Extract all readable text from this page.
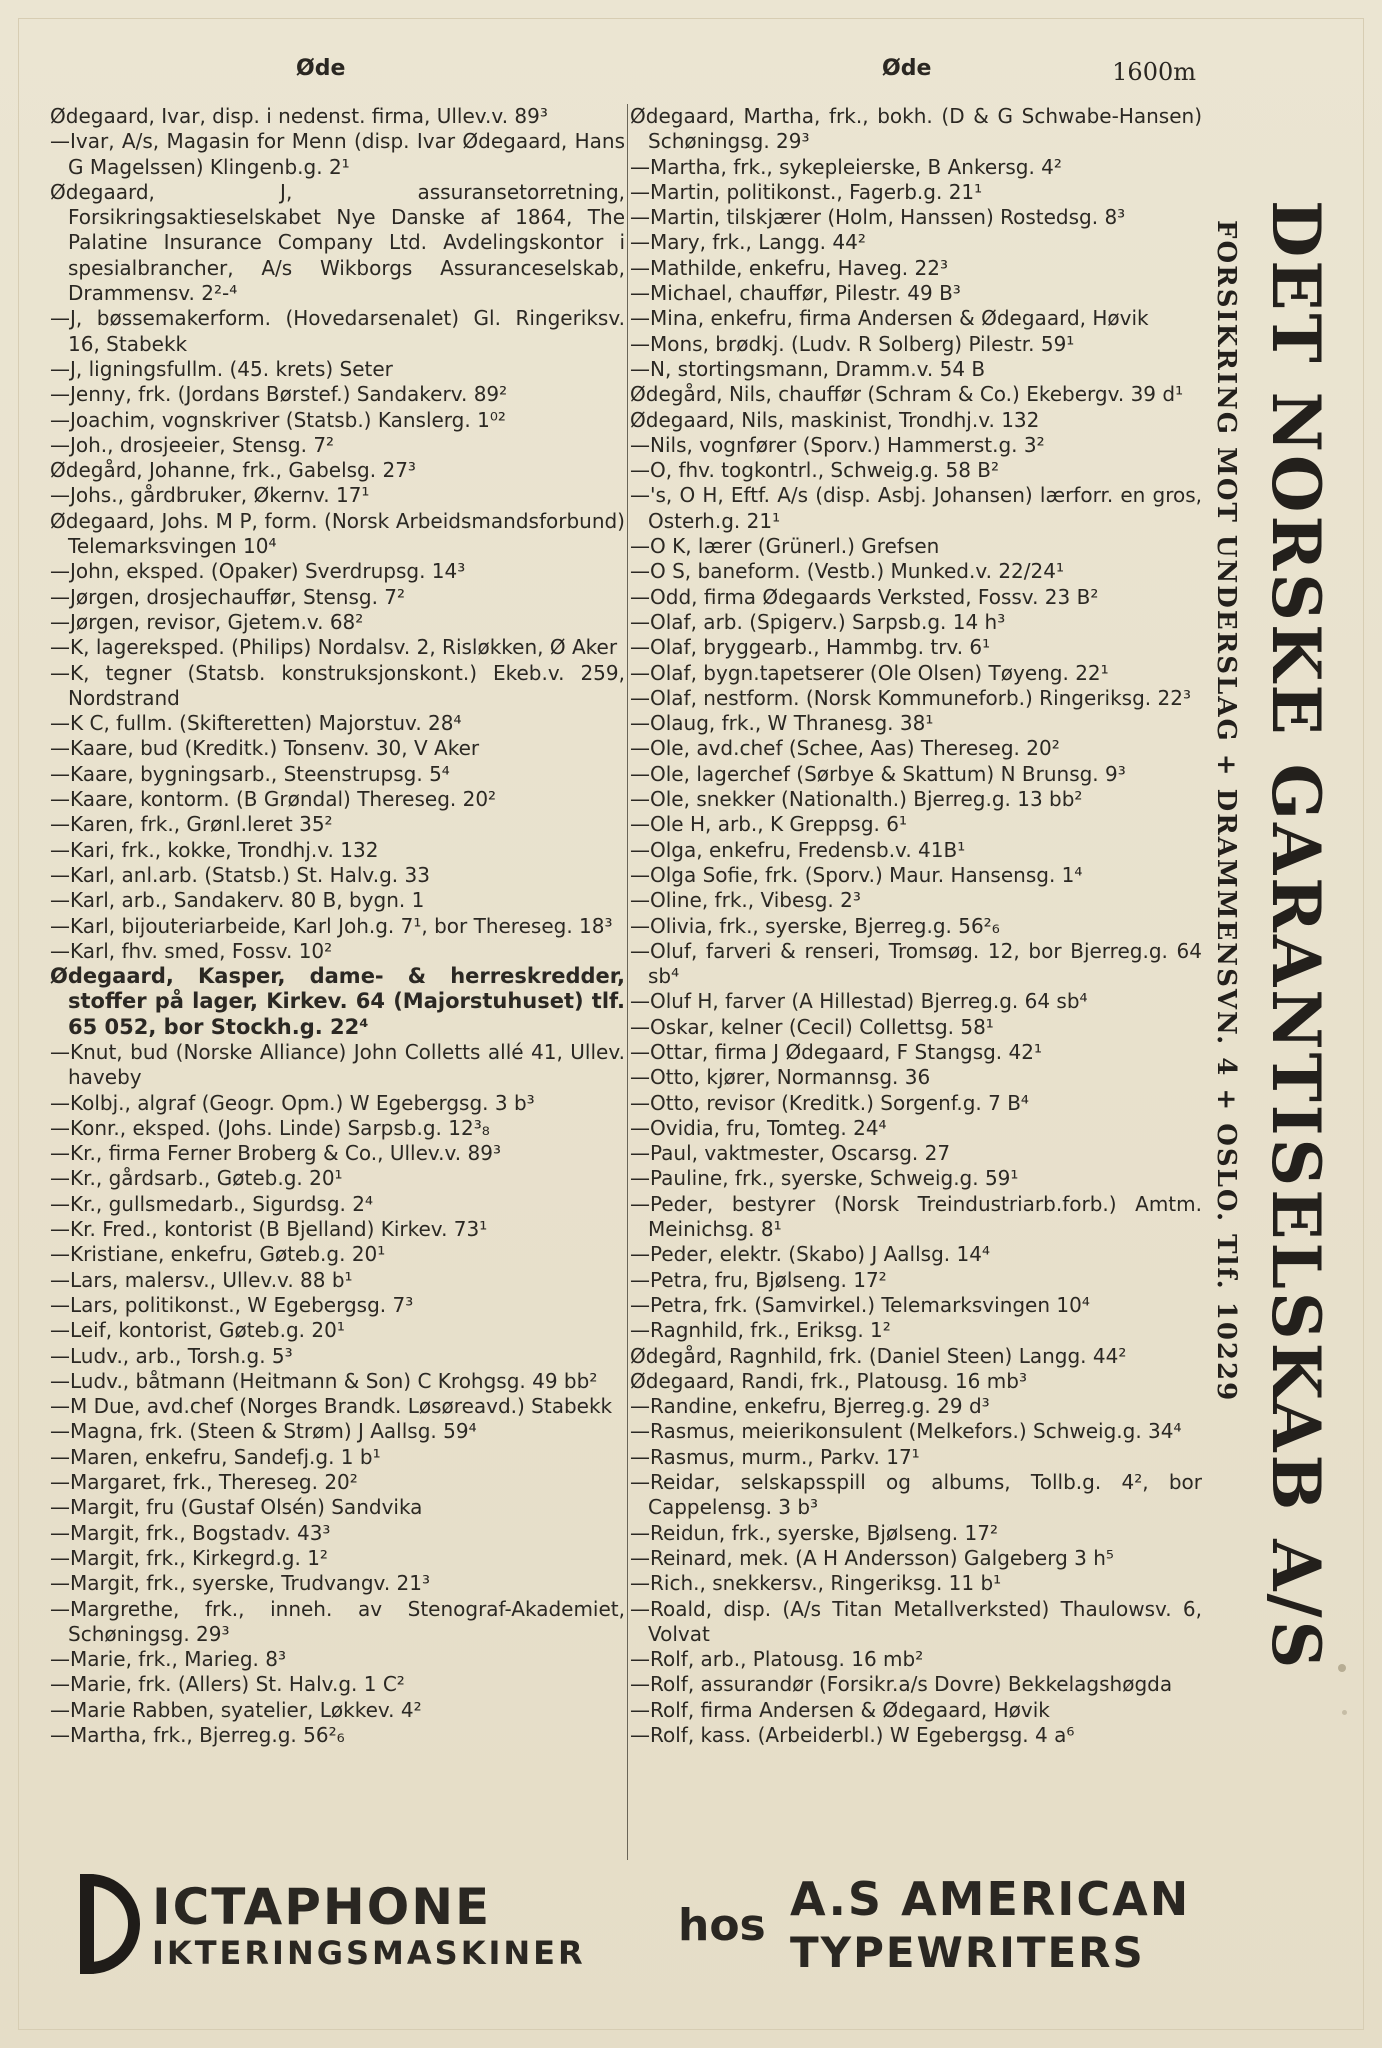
Øde	Øde	1600m
Ødegaard, Ivar, disp. i nedenst. firma, Ullev.v. 89³
—Ivar, A/s, Magasin for Menn (disp. Ivar Ødegaard, Hans G Magelssen) Klingenb.g. 2¹
Ødegaard, J, assuransetorretning, Forsikringsaktieselskabet Nye Danske af 1864, The Palatine Insurance Company Ltd. Avdelingskontor i spesialbrancher, A/s Wikborgs Assuranceselskab, Drammensv. 2²-⁴
—J, bøssemakerform. (Hovedarsenalet) Gl. Ringeriksv. 16, Stabekk
—J, ligningsfullm. (45. krets) Seter
—Jenny, frk. (Jordans Børstef.) Sandakerv. 89²
—Joachim, vognskriver (Statsb.) Kanslerg. 1⁰²
—Joh., drosjeeier, Stensg. 7²
Ødegård, Johanne, frk., Gabelsg. 27³
—Johs., gårdbruker, Økernv. 17¹
Ødegaard, Johs. M P, form. (Norsk Arbeidsmandsforbund) Telemarksvingen 10⁴
—John, eksped. (Opaker) Sverdrupsg. 14³
—Jørgen, drosjechauffør, Stensg. 7²
—Jørgen, revisor, Gjetem.v. 68²
—K, lagereksped. (Philips) Nordalsv. 2, Risløkken, Ø Aker
—K, tegner (Statsb. konstruksjonskont.) Ekeb.v. 259, Nordstrand
—K C, fullm. (Skifteretten) Majorstuv. 28⁴
—Kaare, bud (Kreditk.) Tonsenv. 30, V Aker
—Kaare, bygningsarb., Steenstrupsg. 5⁴
—Kaare, kontorm. (B Grøndal) Thereseg. 20²
—Karen, frk., Grønl.leret 35²
—Kari, frk., kokke, Trondhj.v. 132
—Karl, anl.arb. (Statsb.) St. Halv.g. 33
—Karl, arb., Sandakerv. 80 B, bygn. 1
—Karl, bijouteriarbeide, Karl Joh.g. 7¹, bor Thereseg. 18³
—Karl, fhv. smed, Fossv. 10²
Ødegaard, Kasper, dame- & herreskredder, stoffer på lager, Kirkev. 64 (Majorstuhuset) tlf. 65 052, bor Stockh.g. 22⁴
—Knut, bud (Norske Alliance) John Colletts allé 41, Ullev. haveby
—Kolbj., algraf (Geogr. Opm.) W Egebergsg. 3 b³
—Konr., eksped. (Johs. Linde) Sarpsb.g. 12³₈
—Kr., firma Ferner Broberg & Co., Ullev.v. 89³
—Kr., gårdsarb., Gøteb.g. 20¹
—Kr., gullsmedarb., Sigurdsg. 2⁴
—Kr. Fred., kontorist (B Bjelland) Kirkev. 73¹
—Kristiane, enkefru, Gøteb.g. 20¹
—Lars, malersv., Ullev.v. 88 b¹
—Lars, politikonst., W Egebergsg. 7³
—Leif, kontorist, Gøteb.g. 20¹
—Ludv., arb., Torsh.g. 5³
—Ludv., båtmann (Heitmann & Son) C Krohgsg. 49 bb²
—M Due, avd.chef (Norges Brandk. Løsøreavd.) Stabekk
—Magna, frk. (Steen & Strøm) J Aallsg. 59⁴
—Maren, enkefru, Sandefj.g. 1 b¹
—Margaret, frk., Thereseg. 20²
—Margit, fru (Gustaf Olsén) Sandvika
—Margit, frk., Bogstadv. 43³
—Margit, frk., Kirkegrd.g. 1²
—Margit, frk., syerske, Trudvangv. 21³
—Margrethe, frk., inneh. av Stenograf-Akademiet, Schøningsg. 29³
—Marie, frk., Marieg. 8³
—Marie, frk. (Allers) St. Halv.g. 1 C²
—Marie Rabben, syatelier, Løkkev. 4²
—Martha, frk., Bjerreg.g. 56²₆
Ødegaard, Martha, frk., bokh. (D & G Schwabe-Hansen) Schøningsg. 29³
—Martha, frk., sykepleierske, B Ankersg. 4²
—Martin, politikonst., Fagerb.g. 21¹
—Martin, tilskjærer (Holm, Hanssen) Rostedsg. 8³
—Mary, frk., Langg. 44²
—Mathilde, enkefru, Haveg. 22³
—Michael, chauffør, Pilestr. 49 B³
—Mina, enkefru, firma Andersen & Ødegaard, Høvik
—Mons, brødkj. (Ludv. R Solberg) Pilestr. 59¹
—N, stortingsmann, Dramm.v. 54 B
Ødegård, Nils, chauffør (Schram & Co.) Ekebergv. 39 d¹
Ødegaard, Nils, maskinist, Trondhj.v. 132
—Nils, vognfører (Sporv.) Hammerst.g. 3²
—O, fhv. togkontrl., Schweig.g. 58 B²
—'s, O H, Eftf. A/s (disp. Asbj. Johansen) lærforr. en gros, Osterh.g. 21¹
—O K, lærer (Grünerl.) Grefsen
—O S, baneform. (Vestb.) Munked.v. 22/24¹
—Odd, firma Ødegaards Verksted, Fossv. 23 B²
—Olaf, arb. (Spigerv.) Sarpsb.g. 14 h³
—Olaf, bryggearb., Hammbg. trv. 6¹
—Olaf, bygn.tapetserer (Ole Olsen) Tøyeng. 22¹
—Olaf, nestform. (Norsk Kommuneforb.) Ringeriksg. 22³
—Olaug, frk., W Thranesg. 38¹
—Ole, avd.chef (Schee, Aas) Thereseg. 20²
—Ole, lagerchef (Sørbye & Skattum) N Brunsg. 9³
—Ole, snekker (Nationalth.) Bjerreg.g. 13 bb²
—Ole H, arb., K Greppsg. 6¹
—Olga, enkefru, Fredensb.v. 41B¹
—Olga Sofie, frk. (Sporv.) Maur. Hansensg. 1⁴
—Oline, frk., Vibesg. 2³
—Olivia, frk., syerske, Bjerreg.g. 56²₆
—Oluf, farveri & renseri, Tromsøg. 12, bor Bjerreg.g. 64 sb⁴
—Oluf H, farver (A Hillestad) Bjerreg.g. 64 sb⁴
—Oskar, kelner (Cecil) Collettsg. 58¹
—Ottar, firma J Ødegaard, F Stangsg. 42¹
—Otto, kjører, Normannsg. 36
—Otto, revisor (Kreditk.) Sorgenf.g. 7 B⁴
—Ovidia, fru, Tomteg. 24⁴
—Paul, vaktmester, Oscarsg. 27
—Pauline, frk., syerske, Schweig.g. 59¹
—Peder, bestyrer (Norsk Treindustriarb.forb.) Amtm. Meinichsg. 8¹
—Peder, elektr. (Skabo) J Aallsg. 14⁴
—Petra, fru, Bjølseng. 17²
—Petra, frk. (Samvirkel.) Telemarksvingen 10⁴
—Ragnhild, frk., Eriksg. 1²
Ødegård, Ragnhild, frk. (Daniel Steen) Langg. 44²
Ødegaard, Randi, frk., Platousg. 16 mb³
—Randine, enkefru, Bjerreg.g. 29 d³
—Rasmus, meierikonsulent (Melkefors.) Schweig.g. 34⁴
—Rasmus, murm., Parkv. 17¹
—Reidar, selskapsspill og albums, Tollb.g. 4², bor Cappelensg. 3 b³
—Reidun, frk., syerske, Bjølseng. 17²
—Reinard, mek. (A H Andersson) Galgeberg 3 h⁵
—Rich., snekkersv., Ringeriksg. 11 b¹
—Roald, disp. (A/s Titan Metallverksted) Thaulowsv. 6, Volvat
—Rolf, arb., Platousg. 16 mb²
—Rolf, assurandør (Forsikr.a/s Dovre) Bekkelagshøgda
—Rolf, firma Andersen & Ødegaard, Høvik
—Rolf, kass. (Arbeiderbl.) W Egebergsg. 4 a⁶
DET NORSKE GARANTISELSKAB A/S
FORSIKRING MOT UNDERSLAG + DRAMMENSVN. 4 + OSLO. Tlf. 10229
ICTAPHONE
IKTERINGSMASKINER
hos A.S AMERICAN
TYPEWRITERS
